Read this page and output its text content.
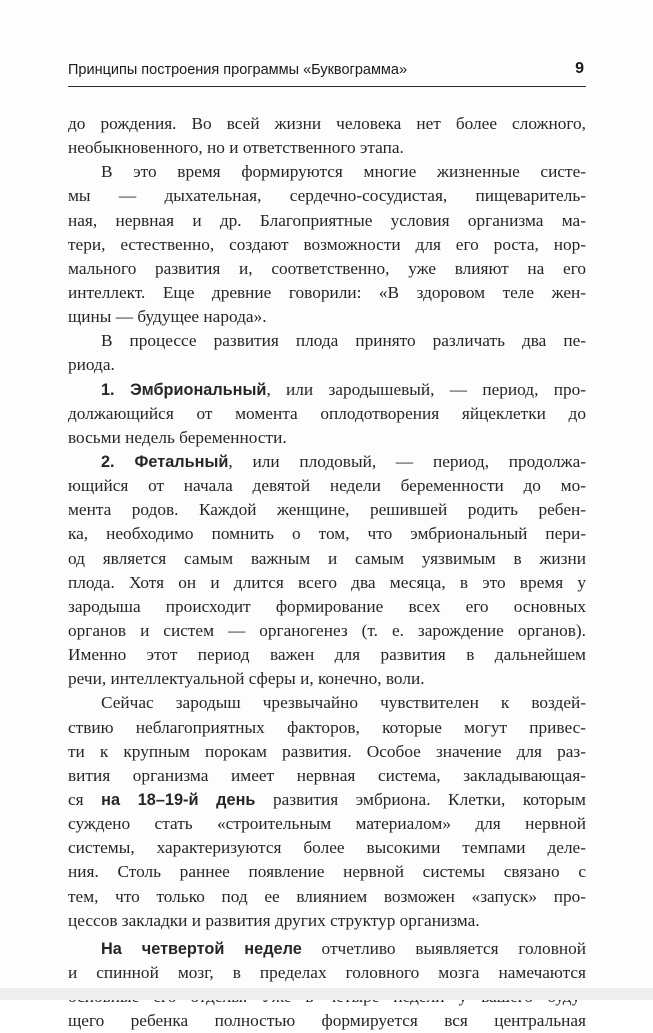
Принципы построения программы «Буквограмма»	9
до рождения. Во всей жизни человека нет более сложного,
необыкновенного, но и ответственного этапа.
В это время формируются многие жизненные систе-
мы — дыхательная, сердечно-сосудистая, пищеваритель-
ная, нервная и др. Благоприятные условия организма ма-
тери, естественно, создают возможности для его роста, нор-
мального развития и, соответственно, уже влияют на его
интеллект. Еще древние говорили: «В здоровом теле жен-
щины — будущее народа».
В процессе развития плода принято различать два пе-
риода.
1. Эмбриональный, или зародышевый, — период, про-
должающийся от момента оплодотворения яйцеклетки до
восьми недель беременности.
2. Фетальный, или плодовый, — период, продолжа-
ющийся от начала девятой недели беременности до мо-
мента родов. Каждой женщине, решившей родить ребен-
ка, необходимо помнить о том, что эмбриональный пери-
од является самым важным и самым уязвимым в жизни
плода. Хотя он и длится всего два месяца, в это время у
зародыша происходит формирование всех его основных
органов и систем — органогенез (т. е. зарождение органов).
Именно этот период важен для развития в дальнейшем
речи, интеллектуальной сферы и, конечно, воли.
Сейчас зародыш чрезвычайно чувствителен к воздей-
ствию неблагоприятных факторов, которые могут привес-
ти к крупным порокам развития. Особое значение для раз-
вития организма имеет нервная система, закладывающая-
ся на 18–19-й день развития эмбриона. Клетки, которым
суждено стать «строительным материалом» для нервной
системы, характеризуются более высокими темпами деле-
ния. Столь раннее появление нервной системы связано с
тем, что только под ее влиянием возможен «запуск» про-
цессов закладки и развития других структур организма.
На четвертой неделе отчетливо выявляется головной
и спинной мозг, в пределах головного мозга намечаются
щего ребенка полностью формируется вся центральная
